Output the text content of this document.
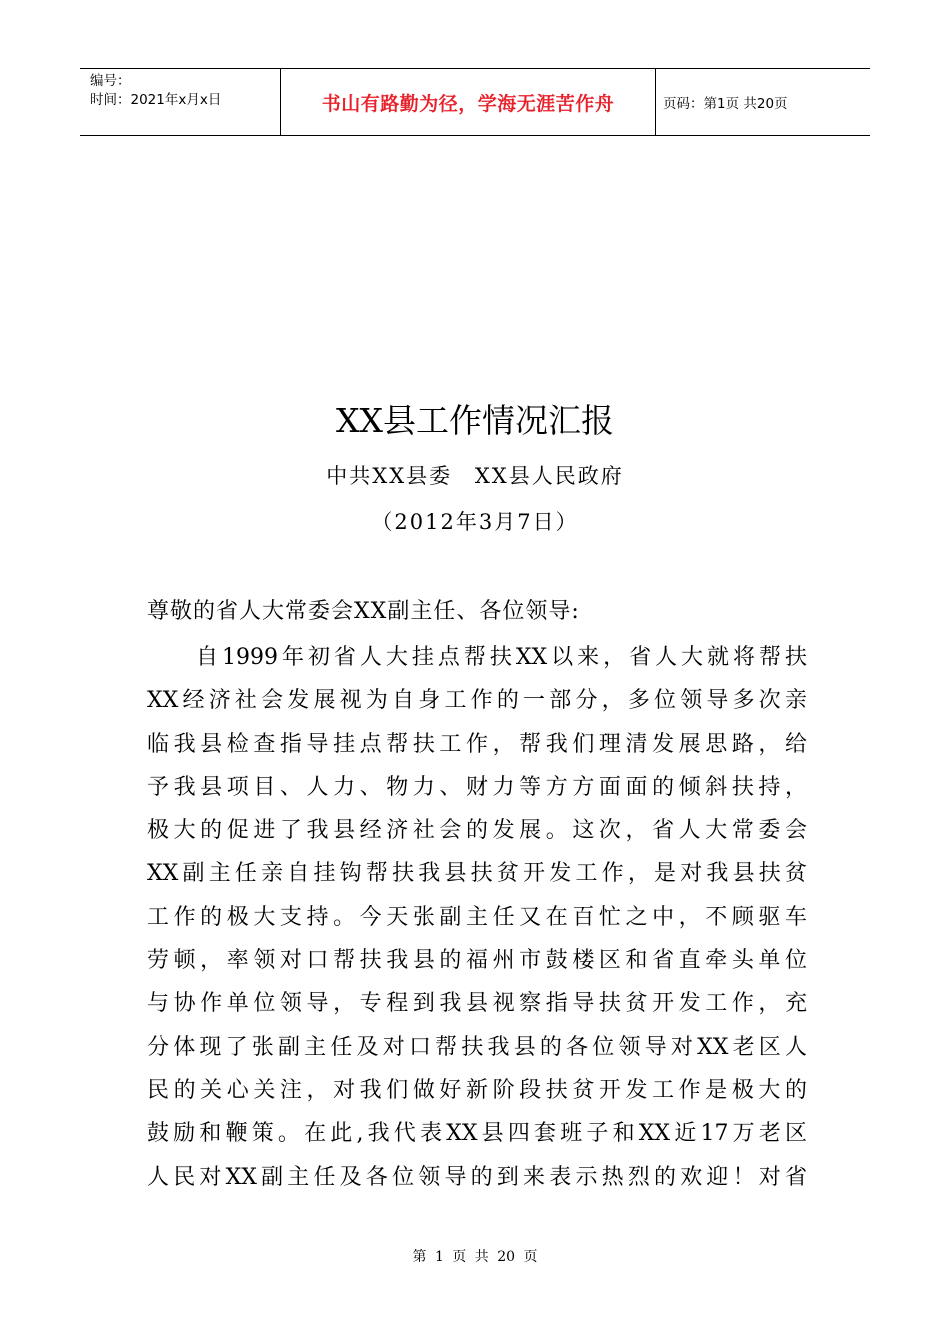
编号：
时间：2021年x月x日	书山有路勤为径，学海无涯苦作舟	页码：第1页 共20页
XX县工作情况汇报
中共XX县委 XX县人民政府
（2012年3月7日）
尊敬的省人大常委会XX副主任、各位领导:
自1999年初省人大挂点帮扶XX以来，省人大就将帮扶
XX经济社会发展视为自身工作的一部分，多位领导多次亲
临我县检查指导挂点帮扶工作，帮我们理清发展思路，给
予我县项目、人力、物力、财力等方方面面的倾斜扶持，
极大的促进了我县经济社会的发展。这次，省人大常委会
XX副主任亲自挂钩帮扶我县扶贫开发工作，是对我县扶贫
工作的极大支持。今天张副主任又在百忙之中，不顾驱车
劳顿，率领对口帮扶我县的福州市鼓楼区和省直牵头单位
与协作单位领导，专程到我县视察指导扶贫开发工作，充
分体现了张副主任及对口帮扶我县的各位领导对XX老区人
民的关心关注，对我们做好新阶段扶贫开发工作是极大的
鼓励和鞭策。在此,我代表XX县四套班子和XX近17万老区
人民对XX副主任及各位领导的到来表示热烈的欢迎！对省
第 1 页 共 20 页
